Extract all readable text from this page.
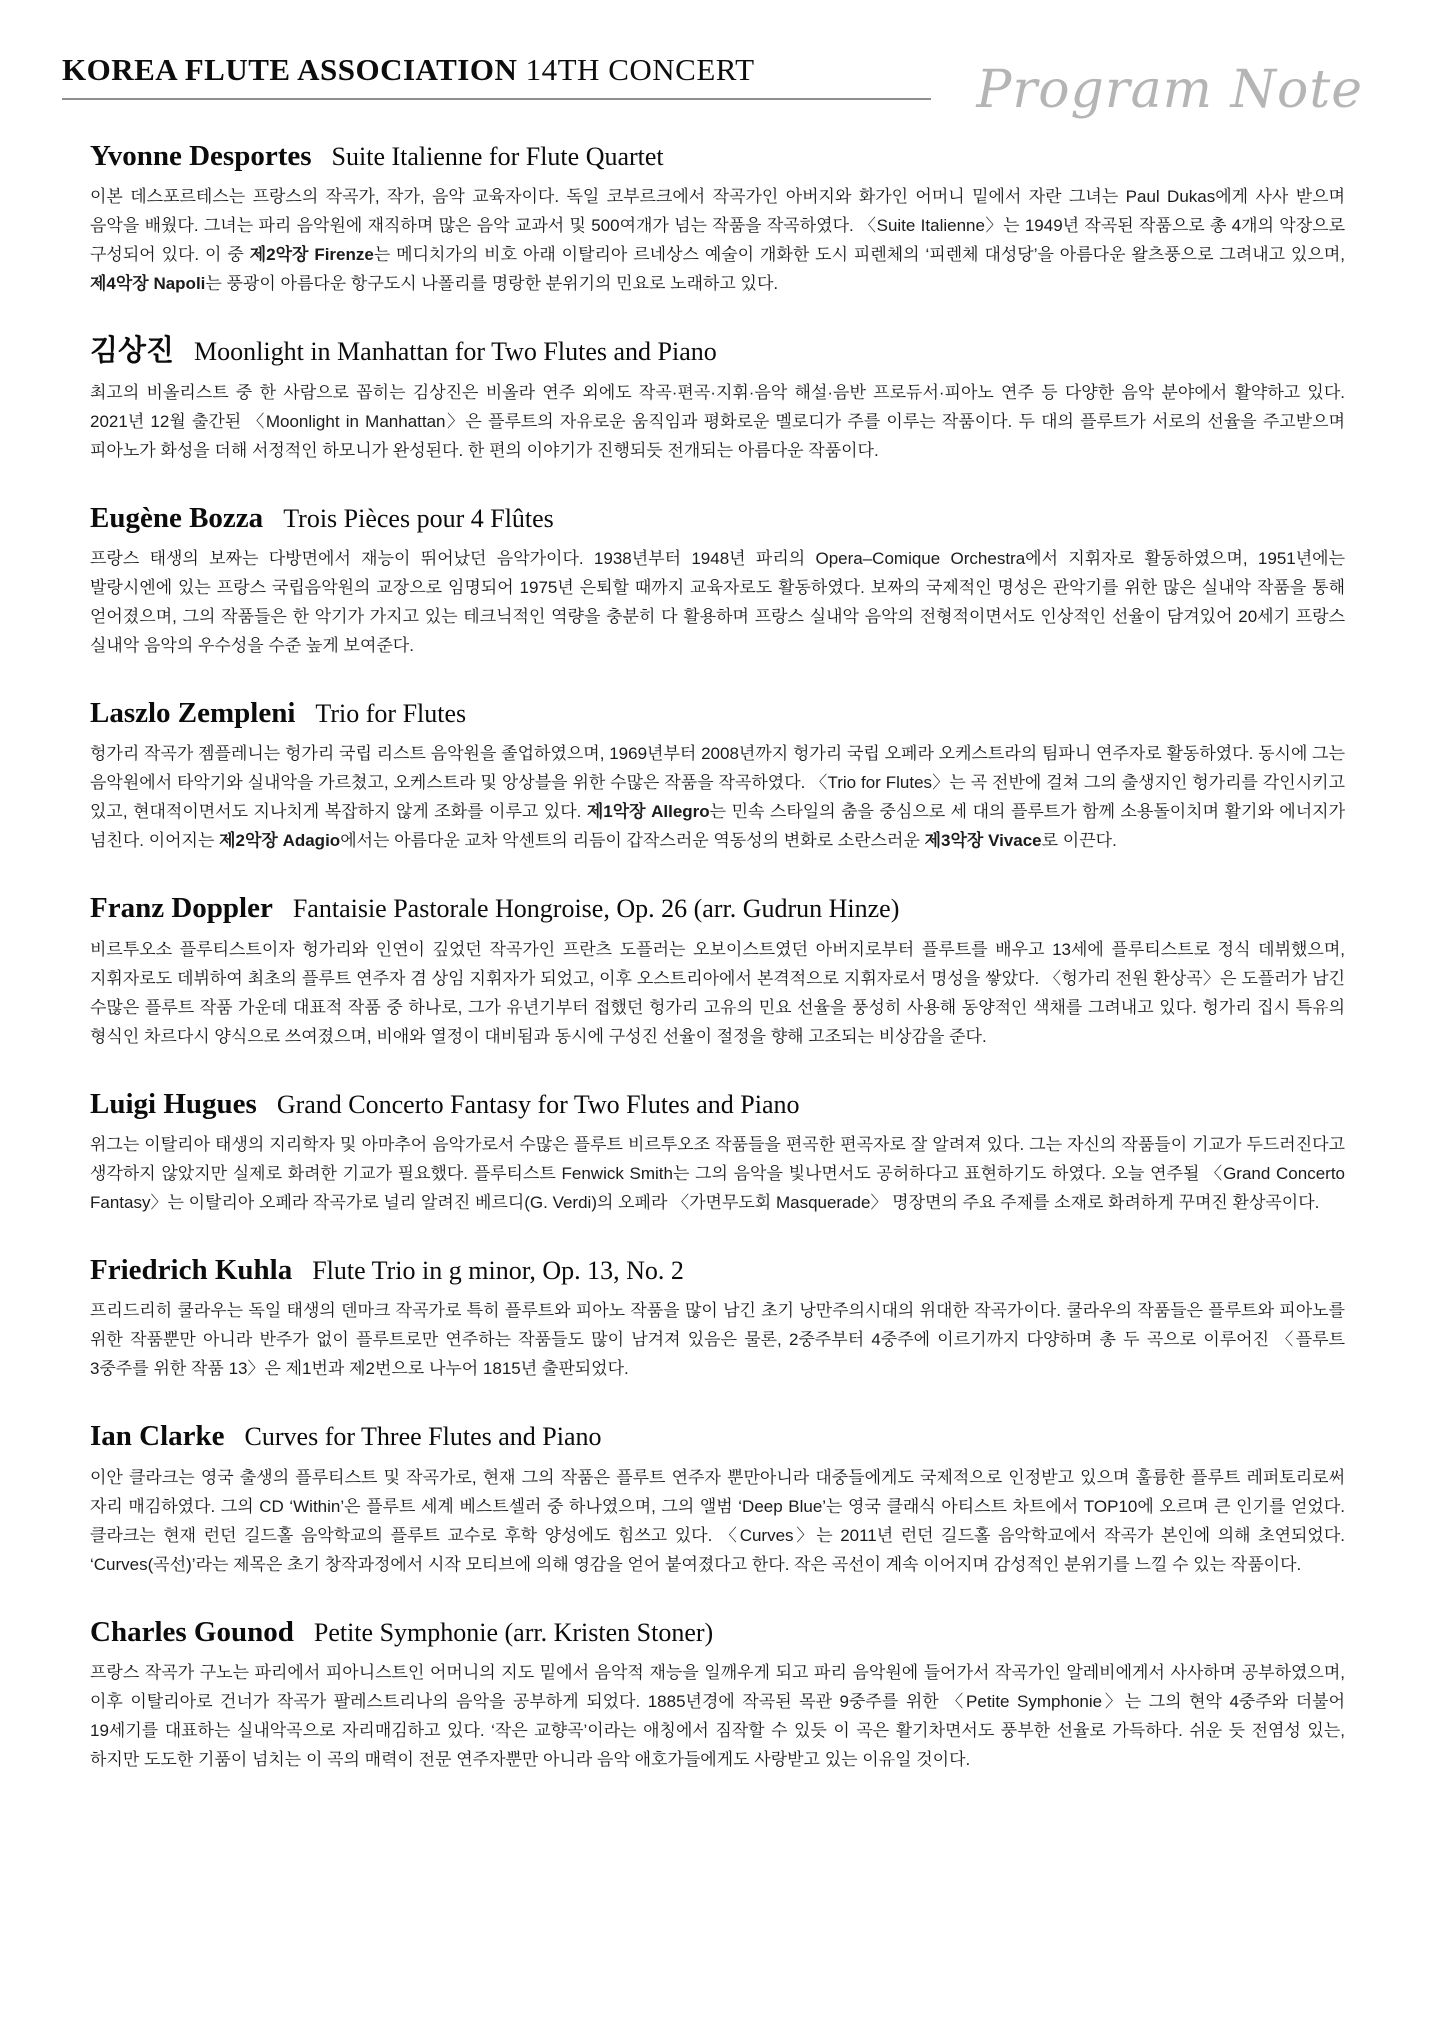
KOREA FLUTE ASSOCIATION 14TH CONCERT	Program Note
Yvonne Desportes Suite Italienne for Flute Quartet

이본 데스포르테스는 프랑스의 작곡가, 작가, 음악 교육자이다. 독일 코부르크에서 작곡가인 아버지와 화가인 어머니 밑에서 자란 그녀는 Paul Dukas에게 사사 받으며 음악을 배웠다. 그녀는 파리 음악원에 재직하며 많은 음악 교과서 및 500여개가 넘는 작품을 작곡하였다. 〈Suite Italienne〉는 1949년 작곡된 작품으로 총 4개의 악장으로 구성되어 있다. 이 중 제2악장 Firenze는 메디치가의 비호 아래 이탈리아 르네상스 예술이 개화한 도시 피렌체의 ‘피렌체 대성당’을 아름다운 왈츠풍으로 그려내고 있으며, 제4악장 Napoli는 풍광이 아름다운 항구도시 나폴리를 명랑한 분위기의 민요로 노래하고 있다.

김상진 Moonlight in Manhattan for Two Flutes and Piano

최고의 비올리스트 중 한 사람으로 꼽히는 김상진은 비올라 연주 외에도 작곡·편곡·지휘·음악 해설·음반 프로듀서·피아노 연주 등 다양한 음악 분야에서 활약하고 있다. 2021년 12월 출간된 〈Moonlight in Manhattan〉은 플루트의 자유로운 움직임과 평화로운 멜로디가 주를 이루는 작품이다. 두 대의 플루트가 서로의 선율을 주고받으며 피아노가 화성을 더해 서정적인 하모니가 완성된다. 한 편의 이야기가 진행되듯 전개되는 아름다운 작품이다.

Eugène Bozza Trois Pièces pour 4 Flûtes

프랑스 태생의 보짜는 다방면에서 재능이 뛰어났던 음악가이다. 1938년부터 1948년 파리의 Opera–Comique Orchestra에서 지휘자로 활동하였으며, 1951년에는 발랑시엔에 있는 프랑스 국립음악원의 교장으로 임명되어 1975년 은퇴할 때까지 교육자로도 활동하였다. 보짜의 국제적인 명성은 관악기를 위한 많은 실내악 작품을 통해 얻어졌으며, 그의 작품들은 한 악기가 가지고 있는 테크닉적인 역량을 충분히 다 활용하며 프랑스 실내악 음악의 전형적이면서도 인상적인 선율이 담겨있어 20세기 프랑스 실내악 음악의 우수성을 수준 높게 보여준다.

Laszlo Zempleni Trio for Flutes

헝가리 작곡가 젬플레니는 헝가리 국립 리스트 음악원을 졸업하였으며, 1969년부터 2008년까지 헝가리 국립 오페라 오케스트라의 팀파니 연주자로 활동하였다. 동시에 그는 음악원에서 타악기와 실내악을 가르쳤고, 오케스트라 및 앙상블을 위한 수많은 작품을 작곡하였다. 〈Trio for Flutes〉는 곡 전반에 걸쳐 그의 출생지인 헝가리를 각인시키고 있고, 현대적이면서도 지나치게 복잡하지 않게 조화를 이루고 있다. 제1악장 Allegro는 민속 스타일의 춤을 중심으로 세 대의 플루트가 함께 소용돌이치며 활기와 에너지가 넘친다. 이어지는 제2악장 Adagio에서는 아름다운 교차 악센트의 리듬이 갑작스러운 역동성의 변화로 소란스러운 제3악장 Vivace로 이끈다.

Franz Doppler Fantaisie Pastorale Hongroise, Op. 26 (arr. Gudrun Hinze)

비르투오소 플루티스트이자 헝가리와 인연이 깊었던 작곡가인 프란츠 도플러는 오보이스트였던 아버지로부터 플루트를 배우고 13세에 플루티스트로 정식 데뷔했으며, 지휘자로도 데뷔하여 최초의 플루트 연주자 겸 상임 지휘자가 되었고, 이후 오스트리아에서 본격적으로 지휘자로서 명성을 쌓았다. 〈헝가리 전원 환상곡〉은 도플러가 남긴 수많은 플루트 작품 가운데 대표적 작품 중 하나로, 그가 유년기부터 접했던 헝가리 고유의 민요 선율을 풍성히 사용해 동양적인 색채를 그려내고 있다. 헝가리 집시 특유의 형식인 차르다시 양식으로 쓰여졌으며, 비애와 열정이 대비됨과 동시에 구성진 선율이 절정을 향해 고조되는 비상감을 준다.

Luigi Hugues Grand Concerto Fantasy for Two Flutes and Piano

위그는 이탈리아 태생의 지리학자 및 아마추어 음악가로서 수많은 플루트 비르투오조 작품들을 편곡한 편곡자로 잘 알려져 있다. 그는 자신의 작품들이 기교가 두드러진다고 생각하지 않았지만 실제로 화려한 기교가 필요했다. 플루티스트 Fenwick Smith는 그의 음악을 빛나면서도 공허하다고 표현하기도 하였다. 오늘 연주될 〈Grand Concerto Fantasy〉는 이탈리아 오페라 작곡가로 널리 알려진 베르디(G. Verdi)의 오페라 〈가면무도회 Masquerade〉 명장면의 주요 주제를 소재로 화려하게 꾸며진 환상곡이다.

Friedrich Kuhla Flute Trio in g minor, Op. 13, No. 2

프리드리히 쿨라우는 독일 태생의 덴마크 작곡가로 특히 플루트와 피아노 작품을 많이 남긴 초기 낭만주의시대의 위대한 작곡가이다. 쿨라우의 작품들은 플루트와 피아노를 위한 작품뿐만 아니라 반주가 없이 플루트로만 연주하는 작품들도 많이 남겨져 있음은 물론, 2중주부터 4중주에 이르기까지 다양하며 총 두 곡으로 이루어진 〈플루트 3중주를 위한 작품 13〉은 제1번과 제2번으로 나누어 1815년 출판되었다.

Ian Clarke Curves for Three Flutes and Piano

이안 클라크는 영국 출생의 플루티스트 및 작곡가로, 현재 그의 작품은 플루트 연주자 뿐만아니라 대중들에게도 국제적으로 인정받고 있으며 훌륭한 플루트 레퍼토리로써 자리 매김하였다. 그의 CD ‘Within’은 플루트 세계 베스트셀러 중 하나였으며, 그의 앨범 ‘Deep Blue’는 영국 클래식 아티스트 차트에서 TOP10에 오르며 큰 인기를 얻었다. 클라크는 현재 런던 길드홀 음악학교의 플루트 교수로 후학 양성에도 힘쓰고 있다. 〈Curves〉는 2011년 런던 길드홀 음악학교에서 작곡가 본인에 의해 초연되었다. ‘Curves(곡선)’라는 제목은 초기 창작과정에서 시작 모티브에 의해 영감을 얻어 붙여졌다고 한다. 작은 곡선이 계속 이어지며 감성적인 분위기를 느낄 수 있는 작품이다.

Charles Gounod Petite Symphonie (arr. Kristen Stoner)

프랑스 작곡가 구노는 파리에서 피아니스트인 어머니의 지도 밑에서 음악적 재능을 일깨우게 되고 파리 음악원에 들어가서 작곡가인 알레비에게서 사사하며 공부하였으며, 이후 이탈리아로 건너가 작곡가 팔레스트리나의 음악을 공부하게 되었다. 1885년경에 작곡된 목관 9중주를 위한 〈Petite Symphonie〉는 그의 현악 4중주와 더불어 19세기를 대표하는 실내악곡으로 자리매김하고 있다. ‘작은 교향곡’이라는 애칭에서 짐작할 수 있듯 이 곡은 활기차면서도 풍부한 선율로 가득하다. 쉬운 듯 전염성 있는, 하지만 도도한 기품이 넘치는 이 곡의 매력이 전문 연주자뿐만 아니라 음악 애호가들에게도 사랑받고 있는 이유일 것이다.
